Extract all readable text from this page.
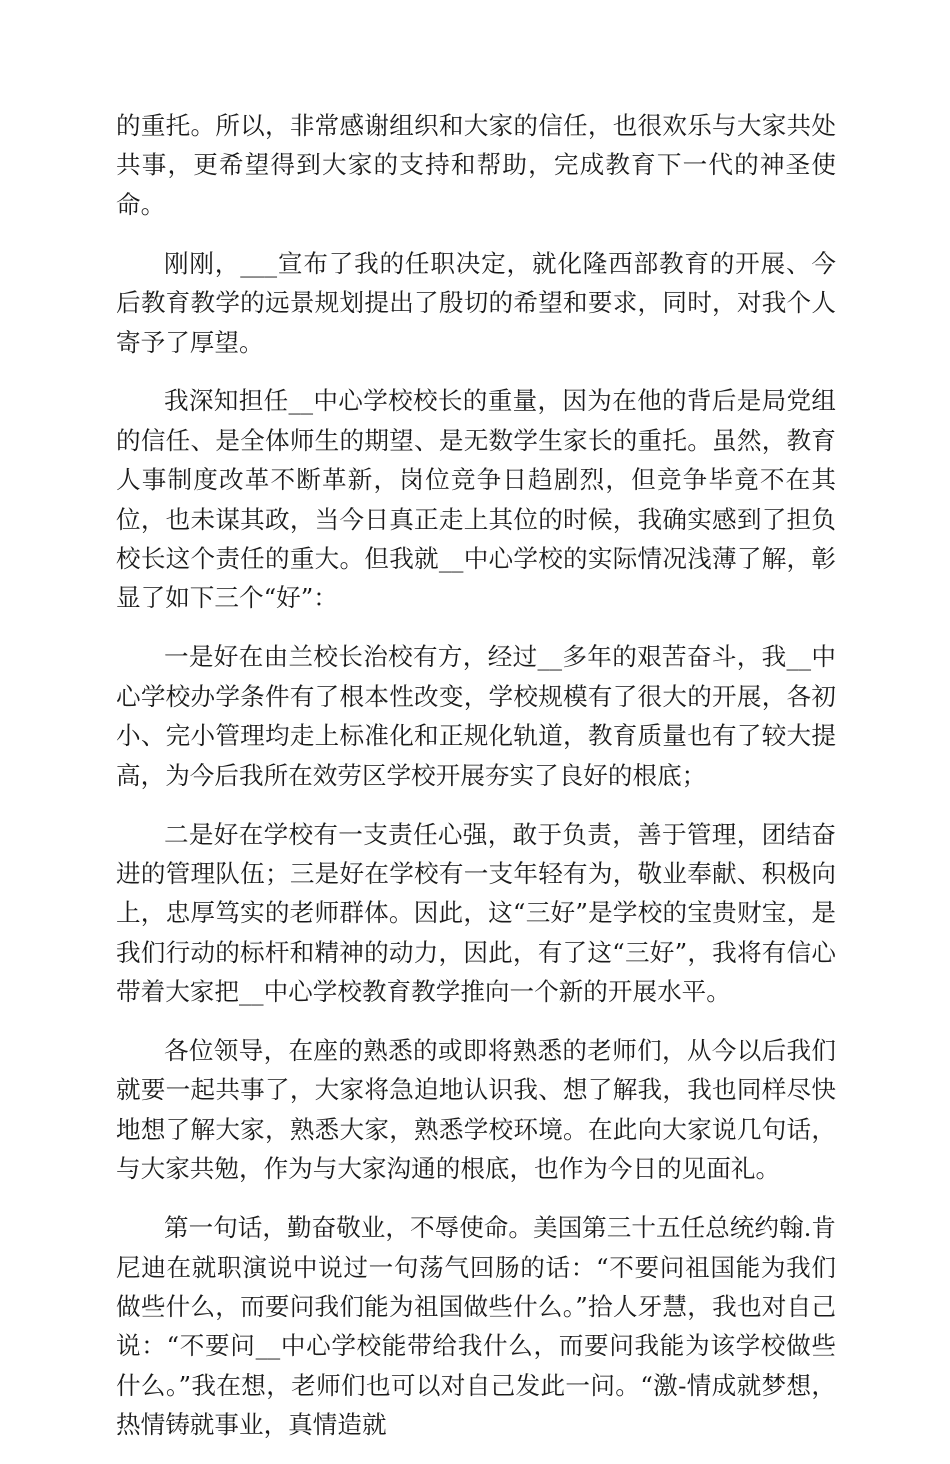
的重托。所以，非常感谢组织和大家的信任，也很欢乐与大家共处共事，更希望得到大家的支持和帮助，完成教育下一代的神圣使命。

刚刚，___宣布了我的任职决定，就化隆西部教育的开展、今后教育教学的远景规划提出了殷切的希望和要求，同时，对我个人寄予了厚望。

我深知担任__中心学校校长的重量，因为在他的背后是局党组的信任、是全体师生的期望、是无数学生家长的重托。虽然，教育人事制度改革不断革新，岗位竞争日趋剧烈，但竞争毕竟不在其位，也未谋其政，当今日真正走上其位的时候，我确实感到了担负校长这个责任的重大。但我就__中心学校的实际情况浅薄了解，彰显了如下三个“好”：

一是好在由兰校长治校有方，经过__多年的艰苦奋斗，我__中心学校办学条件有了根本性改变，学校规模有了很大的开展，各初小、完小管理均走上标准化和正规化轨道，教育质量也有了较大提高，为今后我所在效劳区学校开展夯实了良好的根底；

二是好在学校有一支责任心强，敢于负责，善于管理，团结奋进的管理队伍；三是好在学校有一支年轻有为，敬业奉献、积极向上，忠厚笃实的老师群体。因此，这“三好”是学校的宝贵财宝，是我们行动的标杆和精神的动力，因此，有了这“三好”，我将有信心带着大家把__中心学校教育教学推向一个新的开展水平。

各位领导，在座的熟悉的或即将熟悉的老师们，从今以后我们就要一起共事了，大家将急迫地认识我、想了解我，我也同样尽快地想了解大家，熟悉大家，熟悉学校环境。在此向大家说几句话，与大家共勉，作为与大家沟通的根底，也作为今日的见面礼。

第一句话，勤奋敬业，不辱使命。美国第三十五任总统约翰.肯尼迪在就职演说中说过一句荡气回肠的话：“不要问祖国能为我们做些什么，而要问我们能为祖国做些什么。”拾人牙慧，我也对自己说：“不要问__中心学校能带给我什么，而要问我能为该学校做些什么。”我在想，老师们也可以对自己发此一问。“激-情成就梦想，热情铸就事业，真情造就
